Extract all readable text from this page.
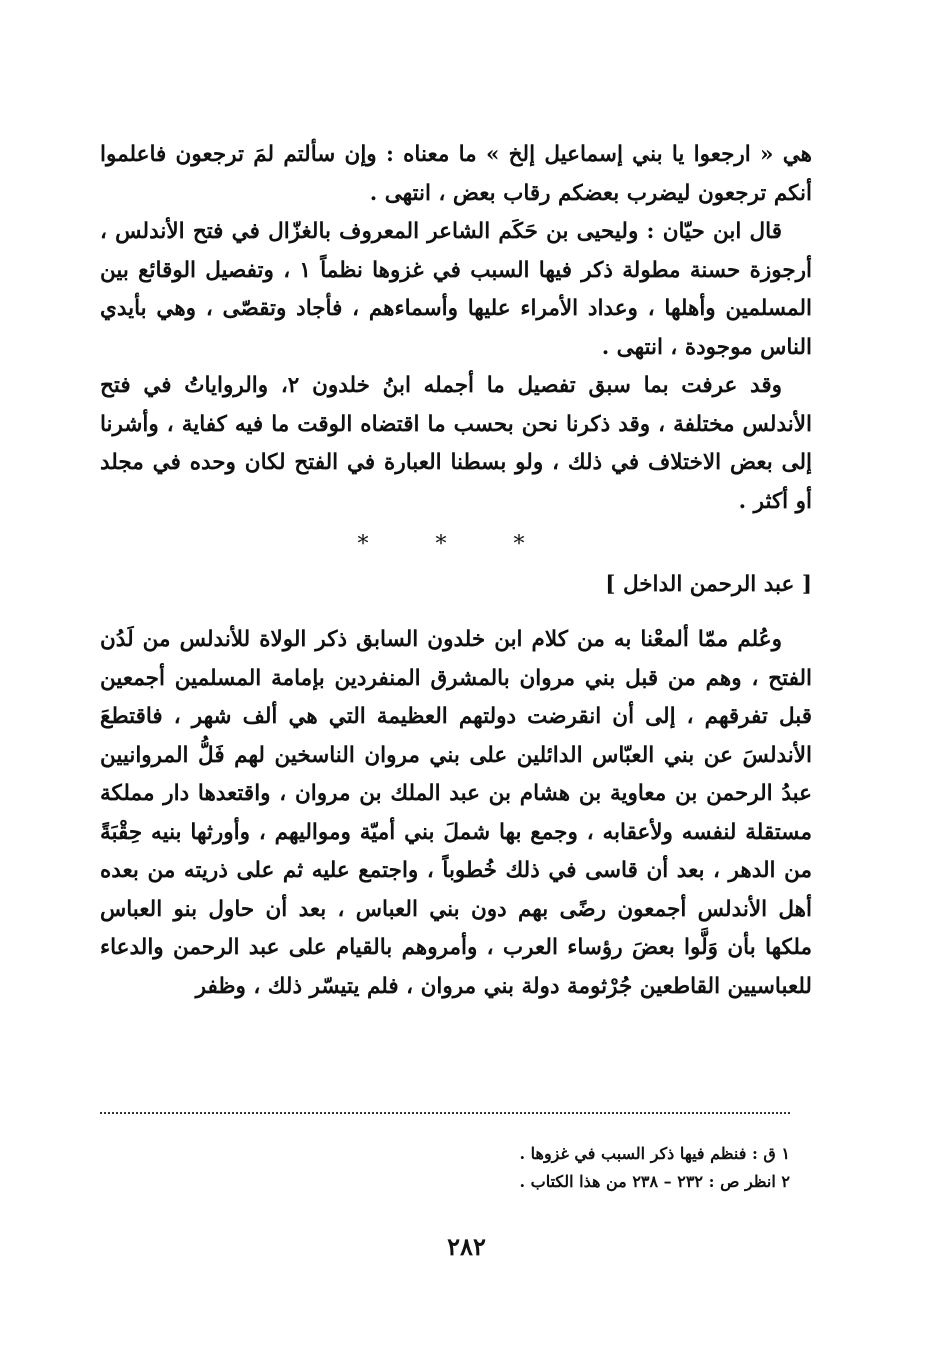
هي « ارجعوا يا بني إسماعيل إلخ » ما معناه : وإن سألتم لمَ ترجعون فاعلموا أنكم ترجعون ليضرب بعضكم رقاب بعض ، انتهى .

قال ابن حيّان : وليحيى بن حَكَم الشاعر المعروف بالغزّال في فتح الأندلس ، أرجوزة حسنة مطولة ذكر فيها السبب في غزوها نظماً ١ ، وتفصيل الوقائع بين المسلمين وأهلها ، وعداد الأمراء عليها وأسماءهم ، فأجاد وتقصّى ، وهي بأيدي الناس موجودة ، انتهى .

وقد عرفت بما سبق تفصيل ما أجمله ابنُ خلدون ٢، والرواياتُ في فتح الأندلس مختلفة ، وقد ذكرنا نحن بحسب ما اقتضاه الوقت ما فيه كفاية ، وأشرنا إلى بعض الاختلاف في ذلك ، ولو بسطنا العبارة في الفتح لكان وحده في مجلد أو أكثر .

* * *
[ عبد الرحمن الداخل ]

وعُلم ممّا ألمعْنا به من كلام ابن خلدون السابق ذكر الولاة للأندلس من لَدُن الفتح ، وهم من قبل بني مروان بالمشرق المنفردين بإمامة المسلمين أجمعين قبل تفرقهم ، إلى أن انقرضت دولتهم العظيمة التي هي ألف شهر ، فاقتطعَ الأندلسَ عن بني العبّاس الدائلين على بني مروان الناسخين لهم فَلُّ المروانيين عبدُ الرحمن بن معاوية بن هشام بن عبد الملك بن مروان ، واقتعدها دار مملكة مستقلة لنفسه ولأعقابه ، وجمع بها شملَ بني أميّة ومواليهم ، وأورثها بنيه حِقْبَةً من الدهر ، بعد أن قاسى في ذلك خُطوباً ، واجتمع عليه ثم على ذريته من بعده أهل الأندلس أجمعون رضًى بهم دون بني العباس ، بعد أن حاول بنو العباس ملكها بأن وَلَّوا بعضَ رؤساء العرب ، وأمروهم بالقيام على عبد الرحمن والدعاء للعباسيين القاطعين جُرْثومة دولة بني مروان ، فلم يتيسّر ذلك ، وظفر

١ ق : فنظم فيها ذكر السبب في غزوها .
٢ انظر ص : ٢٣٢ – ٢٣٨ من هذا الكتاب .
٢٨٢
